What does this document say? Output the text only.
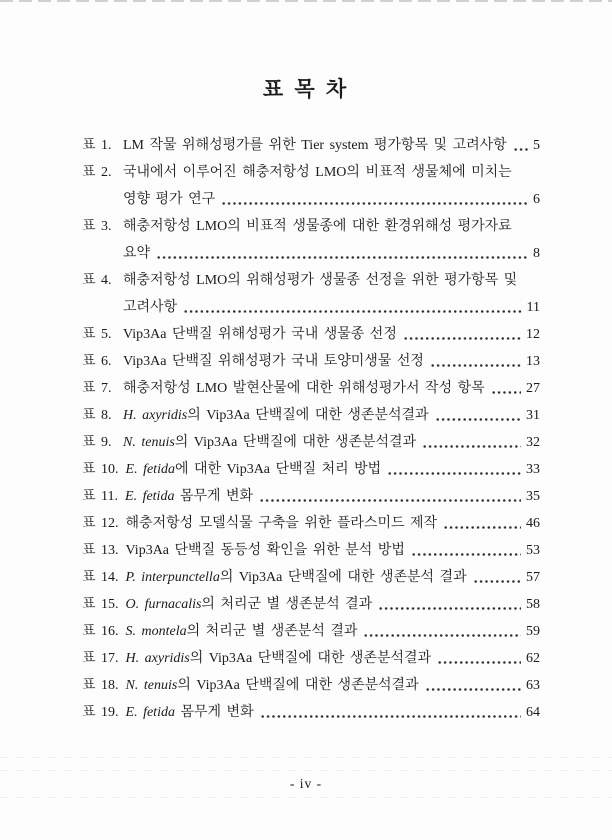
표 목 차
표 1. LM 작물 위해성평가를 위한 Tier system 평가항목 및 고려사항 5
표 2. 국내에서 이루어진 해충저항성 LMO의 비표적 생물체에 미치는
영향 평가 연구	6
표 3. 해충저항성 LMO의 비표적 생물종에 대한 환경위해성 평가자료
요약	8
표 4. 해충저항성 LMO의 위해성평가 생물종 선정을 위한 평가항목 및
고려사항	11
표 5. Vip3Aa 단백질 위해성평가 국내 생물종 선정	12
표 6. Vip3Aa 단백질 위해성평가 국내 토양미생물 선정	13
표 7. 해충저항성 LMO 발현산물에 대한 위해성평가서 작성 항목	27
표 8. H. axyridis 의 Vip3Aa 단백질에 대한 생존분석결과	31
표 9. N. tenuis 의 Vip3Aa 단백질에 대한 생존분석결과	32
표 10. E. fetida 에 대한 Vip3Aa 단백질 처리 방법	33
표 11. E. fetida 몸무게 변화	35
표 12. 해충저항성 모델식물 구축을 위한 플라스미드 제작	46
표 13. Vip3Aa 단백질 동등성 확인을 위한 분석 방법	53
표 14. P. interpunctella 의 Vip3Aa 단백질에 대한 생존분석 결과	57
표 15. O. furnacalis 의 처리군 별 생존분석 결과	58
표 16. S. montela 의 처리군 별 생존분석 결과	59
표 17. H. axyridis 의 Vip3Aa 단백질에 대한 생존분석결과	62
표 18. N. tenuis 의 Vip3Aa 단백질에 대한 생존분석결과	63
표 19. E. fetida 몸무게 변화	64
- iv -
